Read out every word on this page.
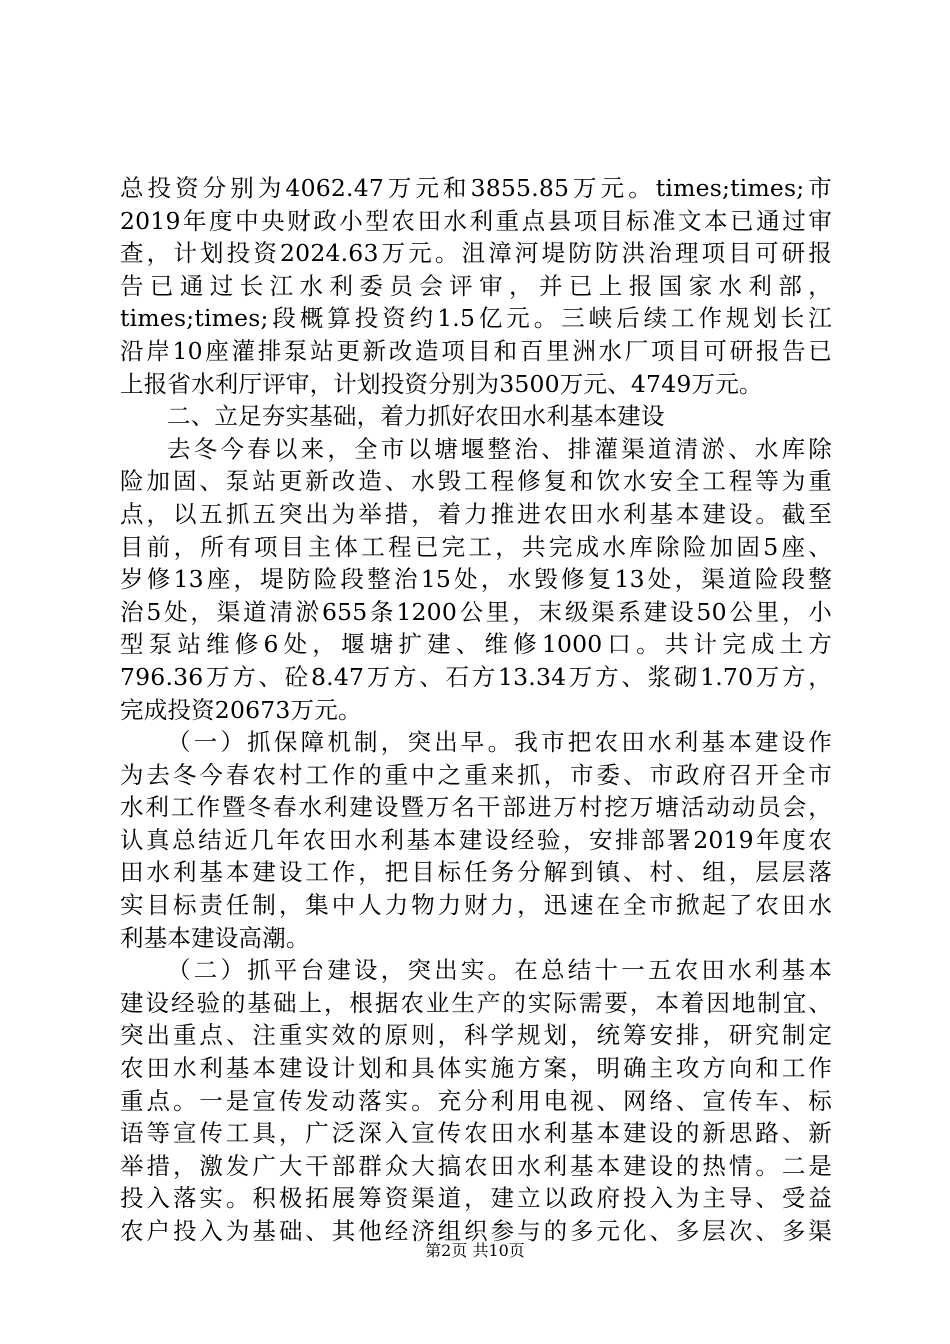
总投资分别为4062.47万元和3855.85万元。times;times;市
2019年度中央财政小型农田水利重点县项目标准文本已通过审
查，计划投资2024.63万元。沮漳河堤防防洪治理项目可研报
告已通过长江水利委员会评审，并已上报国家水利部，
times;times;段概算投资约1.5亿元。三峡后续工作规划长江
沿岸10座灌排泵站更新改造项目和百里洲水厂项目可研报告已
上报省水利厅评审，计划投资分别为3500万元、4749万元。
二、立足夯实基础，着力抓好农田水利基本建设
去冬今春以来，全市以塘堰整治、排灌渠道清淤、水库除
险加固、泵站更新改造、水毁工程修复和饮水安全工程等为重
点，以五抓五突出为举措，着力推进农田水利基本建设。截至
目前，所有项目主体工程已完工，共完成水库除险加固5座、
岁修13座，堤防险段整治15处，水毁修复13处，渠道险段整
治5处，渠道清淤655条1200公里，末级渠系建设50公里，小
型泵站维修6处，堰塘扩建、维修1000口。共计完成土方
796.36万方、砼8.47万方、石方13.34万方、浆砌1.70万方，
完成投资20673万元。
（一）抓保障机制，突出早。我市把农田水利基本建设作
为去冬今春农村工作的重中之重来抓，市委、市政府召开全市
水利工作暨冬春水利建设暨万名干部进万村挖万塘活动动员会，
认真总结近几年农田水利基本建设经验，安排部署2019年度农
田水利基本建设工作，把目标任务分解到镇、村、组，层层落
实目标责任制，集中人力物力财力，迅速在全市掀起了农田水
利基本建设高潮。
（二）抓平台建设，突出实。在总结十一五农田水利基本
建设经验的基础上，根据农业生产的实际需要，本着因地制宜、
突出重点、注重实效的原则，科学规划，统筹安排，研究制定
农田水利基本建设计划和具体实施方案，明确主攻方向和工作
重点。一是宣传发动落实。充分利用电视、网络、宣传车、标
语等宣传工具，广泛深入宣传农田水利基本建设的新思路、新
举措，激发广大干部群众大搞农田水利基本建设的热情。二是
投入落实。积极拓展筹资渠道，建立以政府投入为主导、受益
农户投入为基础、其他经济组织参与的多元化、多层次、多渠
第2页 共10页
